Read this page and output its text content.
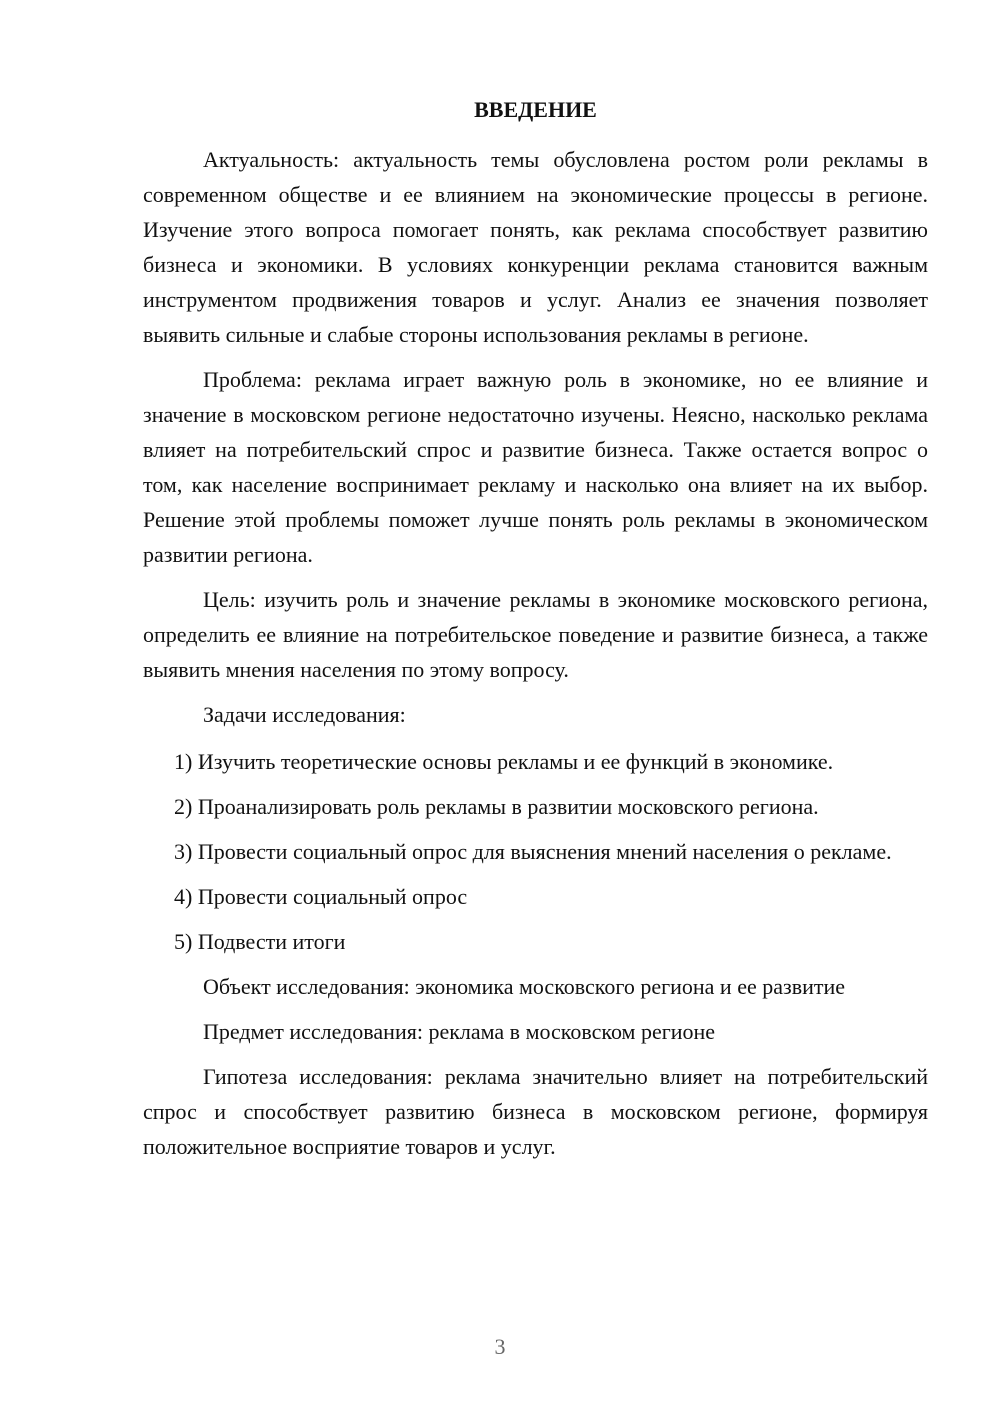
ВВЕДЕНИЕ

Актуальность: актуальность темы обусловлена ростом роли рекламы в современном обществе и ее влиянием на экономические процессы в регионе. Изучение этого вопроса помогает понять, как реклама способствует развитию бизнеса и экономики. В условиях конкуренции реклама становится важным инструментом продвижения товаров и услуг. Анализ ее значения позволяет выявить сильные и слабые стороны использования рекламы в регионе.

Проблема: реклама играет важную роль в экономике, но ее влияние и значение в московском регионе недостаточно изучены. Неясно, насколько реклама влияет на потребительский спрос и развитие бизнеса. Также остается вопрос о том, как население воспринимает рекламу и насколько она влияет на их выбор. Решение этой проблемы поможет лучше понять роль рекламы в экономическом развитии региона.

Цель: изучить роль и значение рекламы в экономике московского региона, определить ее влияние на потребительское поведение и развитие бизнеса, а также выявить мнения населения по этому вопросу.

Задачи исследования:

1) Изучить теоретические основы рекламы и ее функций в экономике.

2) Проанализировать роль рекламы в развитии московского региона.

3) Провести социальный опрос для выяснения мнений населения о рекламе.

4) Провести социальный опрос

5) Подвести итоги

Объект исследования: экономика московского региона и ее развитие

Предмет исследования: реклама в московском регионе

Гипотеза исследования: реклама значительно влияет на потребительский спрос и способствует развитию бизнеса в московском регионе, формируя положительное восприятие товаров и услуг.

3
